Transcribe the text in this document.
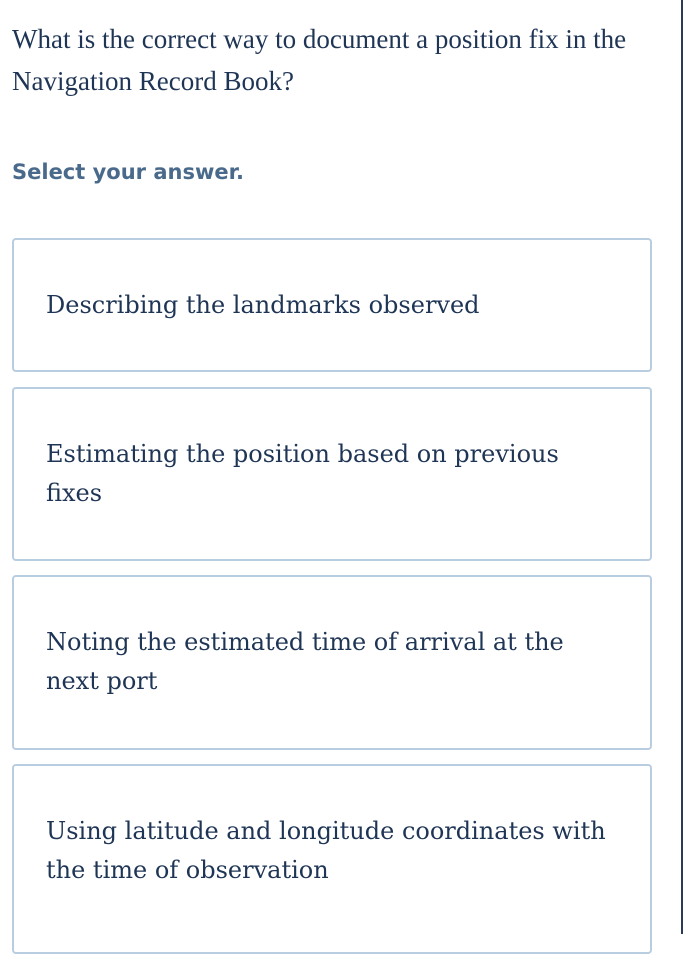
What is the correct way to document a position fix in the Navigation Record Book?

Select your answer.

Describing the landmarks observed
Estimating the position based on previous fixes
Noting the estimated time of arrival at the next port
Using latitude and longitude coordinates with the time of observation
